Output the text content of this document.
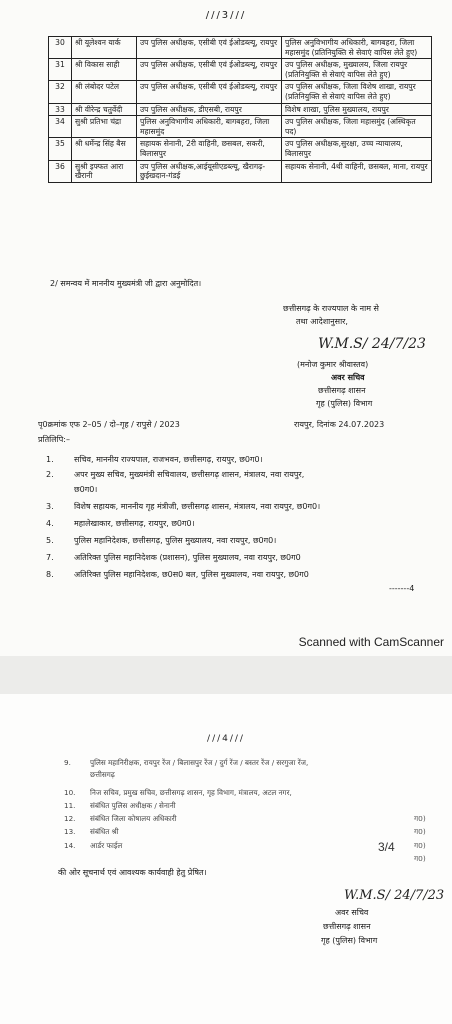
///3///
30	श्री यूलेश्वन यार्क	उप पुलिस अधीक्षक, एसीबी एवं ईओडब्ल्यू, रायपुर	पुलिस अनुविभागीय अधिकारी, बागबहरा, जिला महासमुंद (प्रतिनियुक्ति से सेवाएं वापिस लेते हुए)
31	श्री विकास साही	उप पुलिस अधीक्षक, एसीबी एवं ईओडब्ल्यू, रायपुर	उप पुलिस अधीक्षक, मुख्यालय, जिला रायपुर (प्रतिनियुक्ति से सेवाएं वापिस लेते हुए)
32	श्री लंबोदर पटेल	उप पुलिस अधीक्षक, एसीबी एवं ईओडब्ल्यू, रायपुर	उप पुलिस अधीक्षक, जिला विशेष शाखा, रायपुर (प्रतिनियुक्ति से सेवाएं वापिस लेते हुए)
33	श्री वीरेन्द्र चतुर्वेदी	उप पुलिस अधीक्षक, डीएसबी, रायपुर	विशेष शाखा, पुलिस मुख्यालय, रायपुर
34	सुश्री प्रतिभा चंद्रा	पुलिस अनुविभागीय अधिकारी, बागबहरा, जिला महासमुंद	उप पुलिस अधीक्षक, जिला महासमुंद (अस्थिकृत पद)
35	श्री धर्मेन्द्र सिंह बैस	सहायक सेनानी, 2री वाहिनी, छसबल, सकरी, बिलासपुर	उप पुलिस अधीक्षक,सुरक्षा, उच्च न्यायालय, बिलासपुर
36	सुश्री इफ्फत आरा खैरानी	उप पुलिस अधीक्षक,आईयूसीएडब्ल्यू, खैरागढ़-छुईखदान-गंडई	सहायक सेनानी, 4थी वाहिनी, छसबल, माना, रायपुर
2/ समन्वय में माननीय मुख्यमंत्री जी द्वारा अनुमोदित।
छत्तीसगढ़ के राज्यपाल के नाम से
तथा आदेशानुसार,
W.M.S/ 24/7/23
(मनोज कुमार श्रीवास्तव)
अवर सचिव
छत्तीसगढ़ शासन
गृह (पुलिस) विभाग
पृ0क्रमांक एफ 2–05 / दो–गृह / रापुसे / 2023	रायपुर, दिनांक 24.07.2023
प्रतिलिपि:–
1.	सचिव, माननीय राज्यपाल, राजभवन, छत्तीसगढ़, रायपुर, छ0ग0।
2.	अपर मुख्य सचिव, मुख्यमंत्री सचिवालय, छत्तीसगढ़ शासन, मंत्रालय, नवा रायपुर,
छ0ग0।
3.	विशेष सहायक, माननीय गृह मंत्रीजी, छत्तीसगढ़ शासन, मंत्रालय, नवा रायपुर, छ0ग0।
4.	महालेखाकार, छत्तीसगढ़, रायपुर, छ0ग0।
5.	पुलिस महानिदेशक, छत्तीसगढ़, पुलिस मुख्यालय, नवा रायपुर, छ0ग0।
7.	अतिरिक्त पुलिस महानिदेशक (प्रशासन), पुलिस मुख्यालय, नवा रायपुर, छ0ग0
8.	अतिरिक्त पुलिस महानिदेशक, छ0स0 बल, पुलिस मुख्यालय, नवा रायपुर, छ0ग0
-------4
Scanned with CamScanner
///4///
9.	पुलिस महानिरीक्षक, रायपुर रेंज / बिलासपुर रेंज / दुर्ग रेंज / बस्तर रेंज / सरगुजा रेंज,
छत्तीसगढ़
10. निज सचिव, प्रमुख सचिव, छत्तीसगढ़ शासन, गृह विभाग, मंत्रालय, अटल नगर,
11. संबंधित पुलिस अधीक्षक / सेनानी
12. संबंधित जिला कोषालय अधिकारी
13. संबंधित श्री
14. आर्डर फाईल
ग0)
ग0)
ग0)
ग0)
की ओर सूचनार्थ एवं आवश्यक कार्यवाही हेतु प्रेषित।
W.M.S/ 24/7/23
अवर सचिव
छत्तीसगढ़ शासन
गृह (पुलिस) विभाग
3/4
